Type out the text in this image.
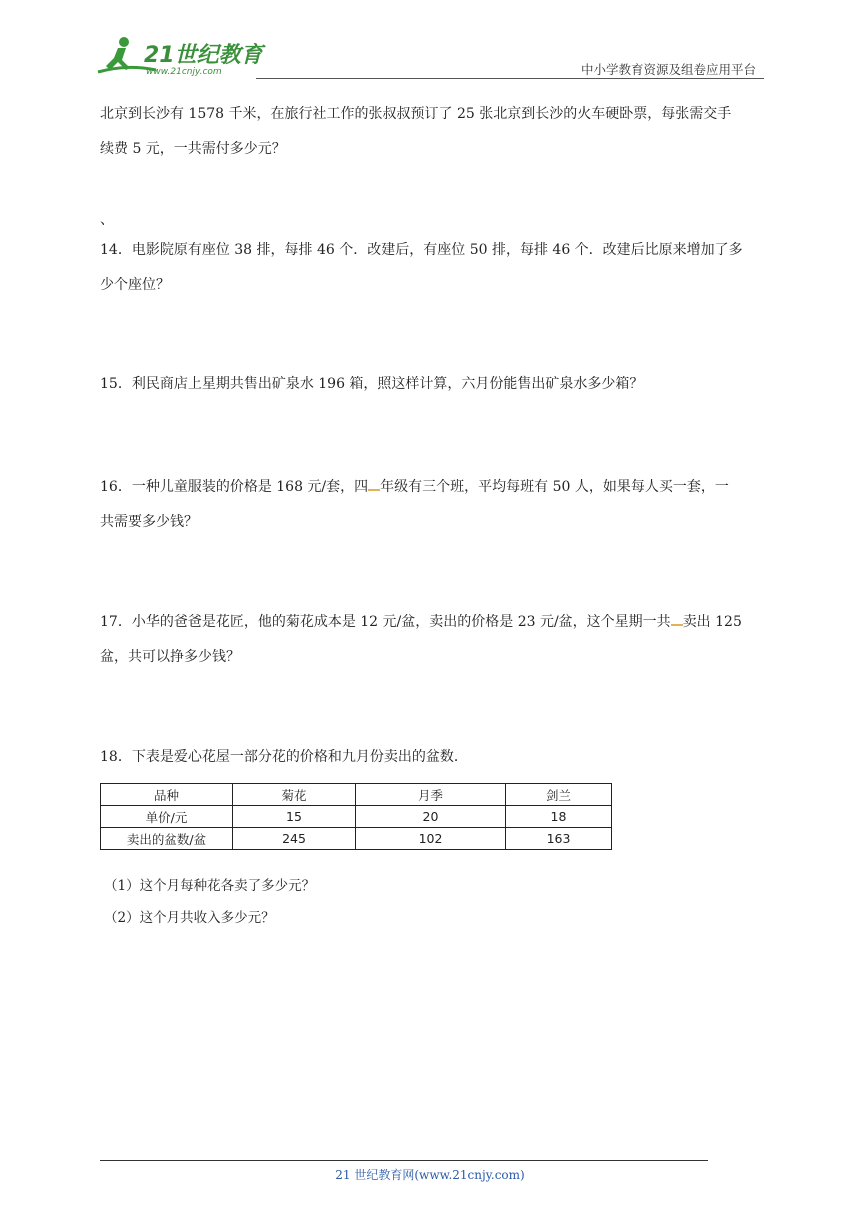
21世纪教育
www.21cnjy.com	中小学教育资源及组卷应用平台

北京到长沙有 1578 千米，在旅行社工作的张叔叔预订了 25 张北京到长沙的火车硬卧票，每张需交手

续费 5 元，一共需付多少元？

、

14．电影院原有座位 38 排，每排 46 个．改建后，有座位 50 排，每排 46 个．改建后比原来增加了多

少个座位？

15．利民商店上星期共售出矿泉水 196 箱，照这样计算，六月份能售出矿泉水多少箱？

16．一种儿童服装的价格是 168 元/套，四 年级有三个班，平均每班有 50 人，如果每人买一套，一

共需要多少钱？

17．小华的爸爸是花匠，他的菊花成本是 12 元/盆，卖出的价格是 23 元/盆，这个星期一共 卖出 125

盆，共可以挣多少钱？

18．下表是爱心花屋一部分花的价格和九月份卖出的盆数．

品种	菊花	月季	剑兰
单价/元	15	20	18
卖出的盆数/盆	245	102	163

（1）这个月每种花各卖了多少元？

（2）这个月共收入多少元？

21 世纪教育网(www.21cnjy.com)
